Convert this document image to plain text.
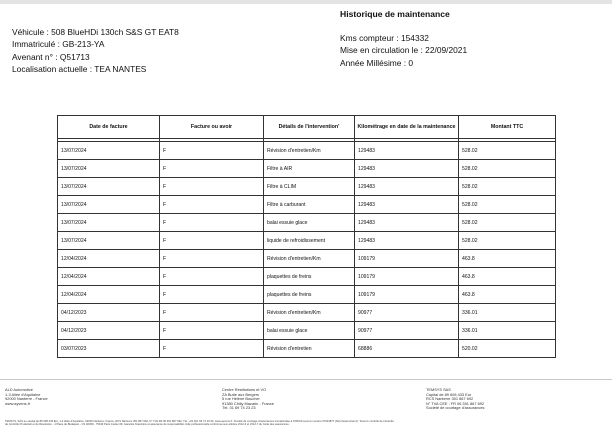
Véhicule : 508 BlueHDi 130ch S&S GT EAT8
Immatriculé : GB-213-YA
Avenant n° : Q51713
Localisation actuelle : TEA NANTES
Historique de maintenance
Kms compteur : 154332
Mise en circulation le : 22/09/2021
Année Millésime : 0
Date de facture	Facture ou avoir	Détails de l'intervention'	Kilométrage en date de la maintenance	Montant TTC

13/07/2024	F	Révision d'entretien/Km	129483	528.02
13/07/2024	F	Filtre à AIR	129483	528.02
13/07/2024	F	Filtre à CLIM	129483	528.02
13/07/2024	F	Filtre à carburant	129483	528.02
13/07/2024	F	balai essuie glace	129483	528.02
13/07/2024	F	liquide de refroidissement	129483	528.02
12/04/2024	F	Révision d'entretien/Km	109179	463.8
12/04/2024	F	plaquettes de freins	109179	463.8
12/04/2024	F	plaquettes de freins	109179	463.8
04/12/2023	F	Révision d'entretien/Km	90977	336.01
04/12/2023	F	balai essuie glace	90977	336.01
03/07/2023	F	Révision d'entretien	68886	520.02
ALD Automotive
1-3 Allée d'Aquitaine
92000 Nanterre - France
www.ayvens.fr
Centre Restitutions et VO
ZA Butte aux Bergers
5 rue Hélène Boucher
91380 Chilly Mazarin - France
Tél. 01 69 74 23 23
TEMSYS SAS
Capital de 89 608 433 Eur
RCS Nanterre 351 867 692
N° TVA CEE : FR 06 351 867 692
Société de courtage d'assurances
TEMSYS, SAS au capital de 89 608 433 Eur, 1-3 Allée d'Aquitaine, 92000 Nanterre, France, RCS Nanterre 351 867 692, N° TVA FR 06 351 867 692, Tél. +33 (0)1 56 74 16 00, www.ayvens.fr. Société de courtage d'assurances immatriculée à l'ORIAS sous le numéro 07024877 (http://www.orias.fr). Sous le contrôle de l'Autorité
de Contrôle Prudentiel et de Résolution - 4 Place de Budapest - CS 92459 - 75436 Paris Cedex 09. Garantie financière et assurance de responsabilité civile professionnelle conformes aux articles L512-6 et L512-7 du Code des assurances.
